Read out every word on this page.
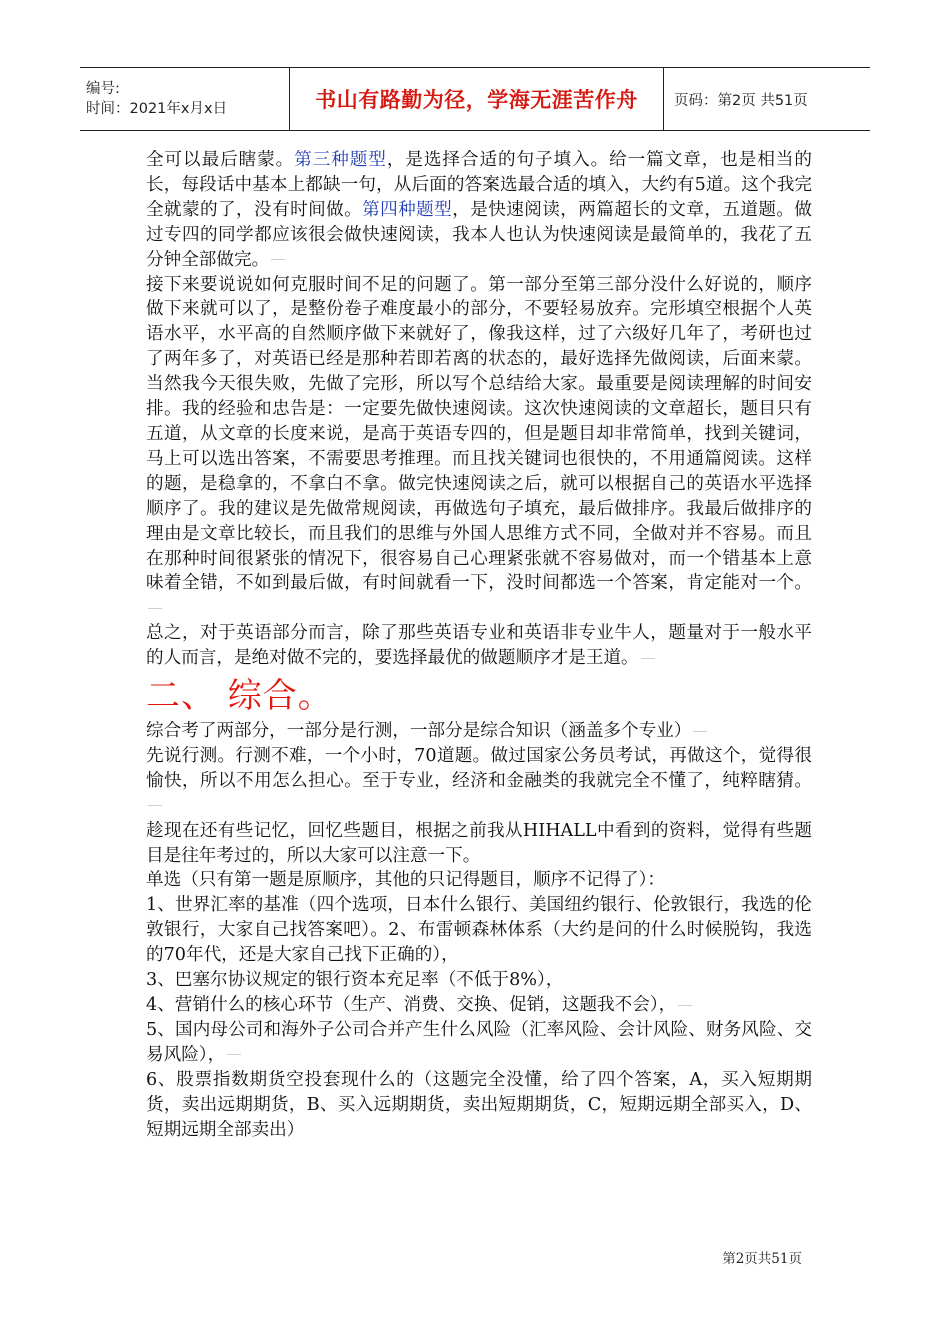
编号:
时间：2021年x月x日	书山有路勤为径，学海无涯苦作舟	页码：第2页 共51页

全可以最后瞎蒙。第三种题型，是选择合适的句子填入。给一篇文章，也是相当的长，每段话中基本上都缺一句，从后面的答案选最合适的填入，大约有5道。这个我完全就蒙的了，没有时间做。第四种题型，是快速阅读，两篇超长的文章，五道题。做过专四的同学都应该很会做快速阅读，我本人也认为快速阅读是最简单的，我花了五分钟全部做完。

接下来要说说如何克服时间不足的问题了。第一部分至第三部分没什么好说的，顺序做下来就可以了，是整份卷子难度最小的部分，不要轻易放弃。完形填空根据个人英语水平，水平高的自然顺序做下来就好了，像我这样，过了六级好几年了，考研也过了两年多了，对英语已经是那种若即若离的状态的，最好选择先做阅读，后面来蒙。当然我今天很失败，先做了完形，所以写个总结给大家。最重要是阅读理解的时间安排。我的经验和忠告是：一定要先做快速阅读。这次快速阅读的文章超长，题目只有五道，从文章的长度来说，是高于英语专四的，但是题目却非常简单，找到关键词，马上可以选出答案，不需要思考推理。而且找关键词也很快的，不用通篇阅读。这样的题，是稳拿的，不拿白不拿。做完快速阅读之后，就可以根据自己的英语水平选择顺序了。我的建议是先做常规阅读，再做选句子填充，最后做排序。我最后做排序的理由是文章比较长，而且我们的思维与外国人思维方式不同，全做对并不容易。而且在那种时间很紧张的情况下，很容易自己心理紧张就不容易做对，而一个错基本上意味着全错，不如到最后做，有时间就看一下，没时间都选一个答案，肯定能对一个。

总之，对于英语部分而言，除了那些英语专业和英语非专业牛人，题量对于一般水平的人而言，是绝对做不完的，要选择最优的做题顺序才是王道。

二、 综合。

综合考了两部分，一部分是行测，一部分是综合知识（涵盖多个专业）

先说行测。行测不难，一个小时，70道题。做过国家公务员考试，再做这个，觉得很愉快，所以不用怎么担心。至于专业，经济和金融类的我就完全不懂了，纯粹瞎猜。

趁现在还有些记忆，回忆些题目，根据之前我从HIHALL中看到的资料，觉得有些题目是往年考过的，所以大家可以注意一下。

单选（只有第一题是原顺序，其他的只记得题目，顺序不记得了）：

1、世界汇率的基准（四个选项，日本什么银行、美国纽约银行、伦敦银行，我选的伦敦银行，大家自己找答案吧）。2、布雷顿森林体系（大约是问的什么时候脱钩，我选的70年代，还是大家自己找下正确的），

3、巴塞尔协议规定的银行资本充足率（不低于8%），

4、营销什么的核心环节（生产、消费、交换、促销，这题我不会），

5、国内母公司和海外子公司合并产生什么风险（汇率风险、会计风险、财务风险、交易风险），

6、股票指数期货空投套现什么的（这题完全没懂，给了四个答案，A，买入短期期货，卖出远期期货，B、买入远期期货，卖出短期期货，C，短期远期全部买入，D、短期远期全部卖出）

第2页共51页
